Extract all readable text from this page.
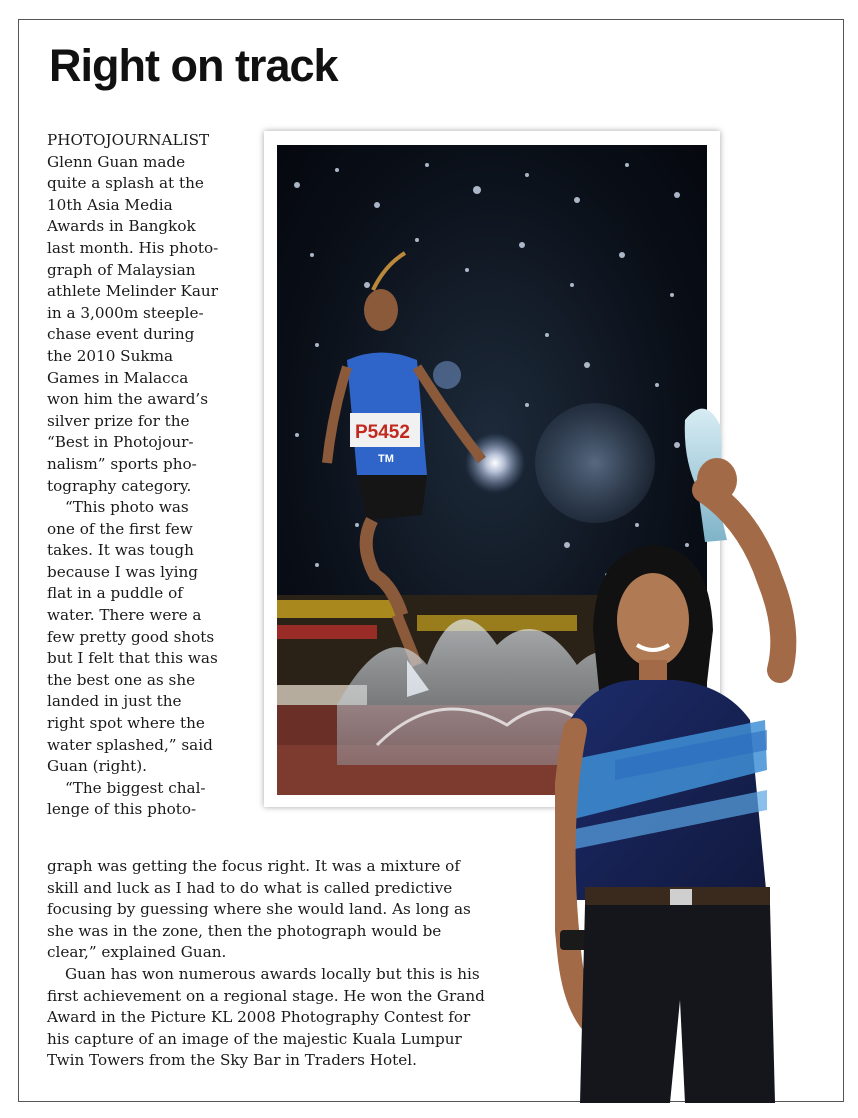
Right on track
PHOTOJOURNALIST
Glenn Guan made
quite a splash at the
10th Asia Media
Awards in Bangkok
last month. His photo-
graph of Malaysian
athlete Melinder Kaur
in a 3,000m steeple-
chase event during
the 2010 Sukma
Games in Malacca
won him the award’s
silver prize for the
“Best in Photojour-
nalism” sports pho-
tography category.
“This photo was
one of the first few
takes. It was tough
because I was lying
flat in a puddle of
water. There were a
few pretty good shots
but I felt that this was
the best one as she
landed in just the
right spot where the
water splashed,” said
Guan (right).
“The biggest chal-
lenge of this photo-
graph was getting the focus right. It was a mixture of
skill and luck as I had to do what is called predictive
focusing by guessing where she would land. As long as
she was in the zone, then the photograph would be
clear,” explained Guan.
Guan has won numerous awards locally but this is his
first achievement on a regional stage. He won the Grand
Award in the Picture KL 2008 Photography Contest for
his capture of an image of the majestic Kuala Lumpur
Twin Towers from the Sky Bar in Traders Hotel.
P5452
TM
